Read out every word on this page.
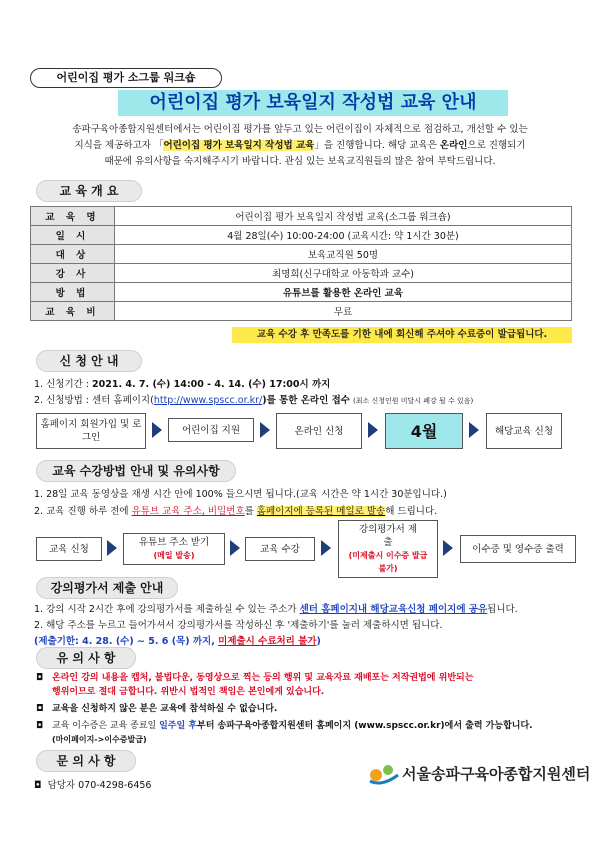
어린이집 평가 소그룹 워크숍
어린이집 평가 보육일지 작성법 교육 안내
송파구육아종합지원센터에서는 어린이집 평가를 앞두고 있는 어린이집이 자체적으로 점검하고, 개선할 수 있는
지식을 제공하고자 「어린이집 평가 보육일지 작성법 교육」을 진행합니다. 해당 교육은 온라인으로 진행되기
때문에 유의사항을 숙지해주시기 바랍니다. 관심 있는 보육교직원들의 많은 참여 부탁드립니다.
교 육 개 요
교 육 명	어린이집 평가 보육일지 작성법 교육(소그룹 워크숍)
일 시	4월 28일(수) 10:00-24:00 (교육시간: 약 1시간 30분)
대 상	보육교직원 50명
강 사	최명희(신구대학교 아동학과 교수)
방 법	유튜브를 활용한 온라인 교육
교 육 비	무료
교육 수강 후 만족도를 기한 내에 회신해 주셔야 수료증이 발급됩니다.
신 청 안 내
1. 신청기간 : 2021. 4. 7. (수) 14:00 - 4. 14. (수) 17:00시 까지
2. 신청방법 : 센터 홈페이지(http://www.spscc.or.kr/)를 통한 온라인 접수 (최소 신청인원 미달시 폐강 될 수 있음)
홈페이지 회원가입 및 로그인
어린이집 지원	온라인 신청	4월	해당교육 신청
교육 수강방법 안내 및 유의사항
1. 28일 교육 동영상을 재생 시간 안에 100% 들으시면 됩니다.(교육 시간은 약 1시간 30분입니다.)
2. 교육 진행 하루 전에 유튜브 교육 주소, 비밀번호를 홈페이지에 등록된 메일로 발송해 드립니다.
교육 신청
유튜브 주소 받기
(메일 발송)
교육 수강
강의평가서 제출
(미제출시 이수증 발급 불가)
이수증 및 영수증 출력
강의평가서 제출 안내
1. 강의 시작 2시간 후에 강의평가서를 제출하실 수 있는 주소가 센터 홈페이지내 해당교육신청 페이지에 공유됩니다.
2. 해당 주소를 누르고 들어가셔서 강의평가서를 작성하신 후 '제출하기'를 눌러 제출하시면 됩니다.
(제출기한: 4. 28. (수) ~ 5. 6 (목) 까지, 미제출시 수료처리 불가)
유 의 사 항
◘ 온라인 강의 내용을 캡처, 불법다운, 동영상으로 찍는 등의 행위 및 교육자료 재배포는 저작권법에 위반되는
행위이므로 절대 금합니다. 위반시 법적인 책임은 본인에게 있습니다.
◘ 교육을 신청하지 않은 분은 교육에 참석하실 수 없습니다.
◘ 교육 이수증은 교육 종료일 일주일 후부터 송파구육아종합지원센터 홈페이지 (www.spscc.or.kr)에서 출력 가능합니다.
(마이페이지->이수증발급)
문 의 사 항
◘ 담당자 070-4298-6456
서울송파구육아종합지원센터
